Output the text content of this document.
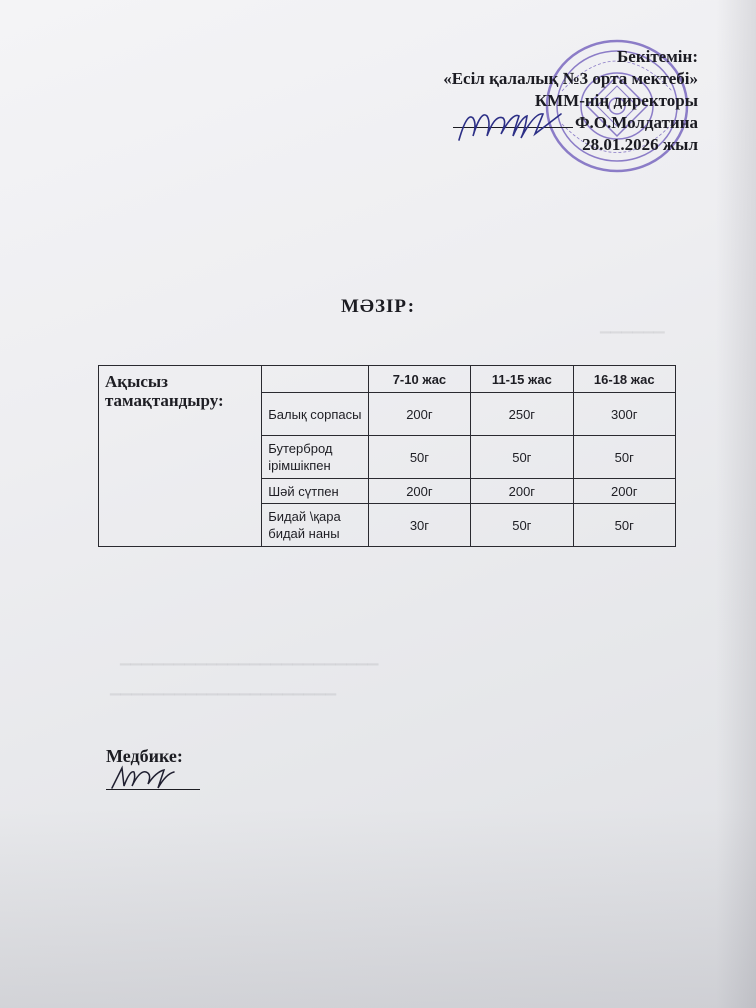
▁▁▁▁▁▁
▁▁▁▁▁▁▁▁▁▁▁▁▁▁▁▁▁▁▁▁▁▁▁▁
▁▁▁▁▁▁▁▁▁▁▁▁▁▁▁▁▁▁▁▁▁
Бекітемін:
«Есіл қалалық №3 орта мектебі»
КММ-нің директоры
Ф.О.Молдатина
28.01.2026 жыл
МӘЗІР:
Ақысыз тамақтандыру:		7-10 жас	11-15 жас	16-18 жас
	Балық сорпасы	200г	250г	300г
	Бутерброд ірімшікпен	50г	50г	50г
	Шәй сүтпен	200г	200г	200г
	Бидай \қара бидай наны	30г	50г	50г
Медбике:
